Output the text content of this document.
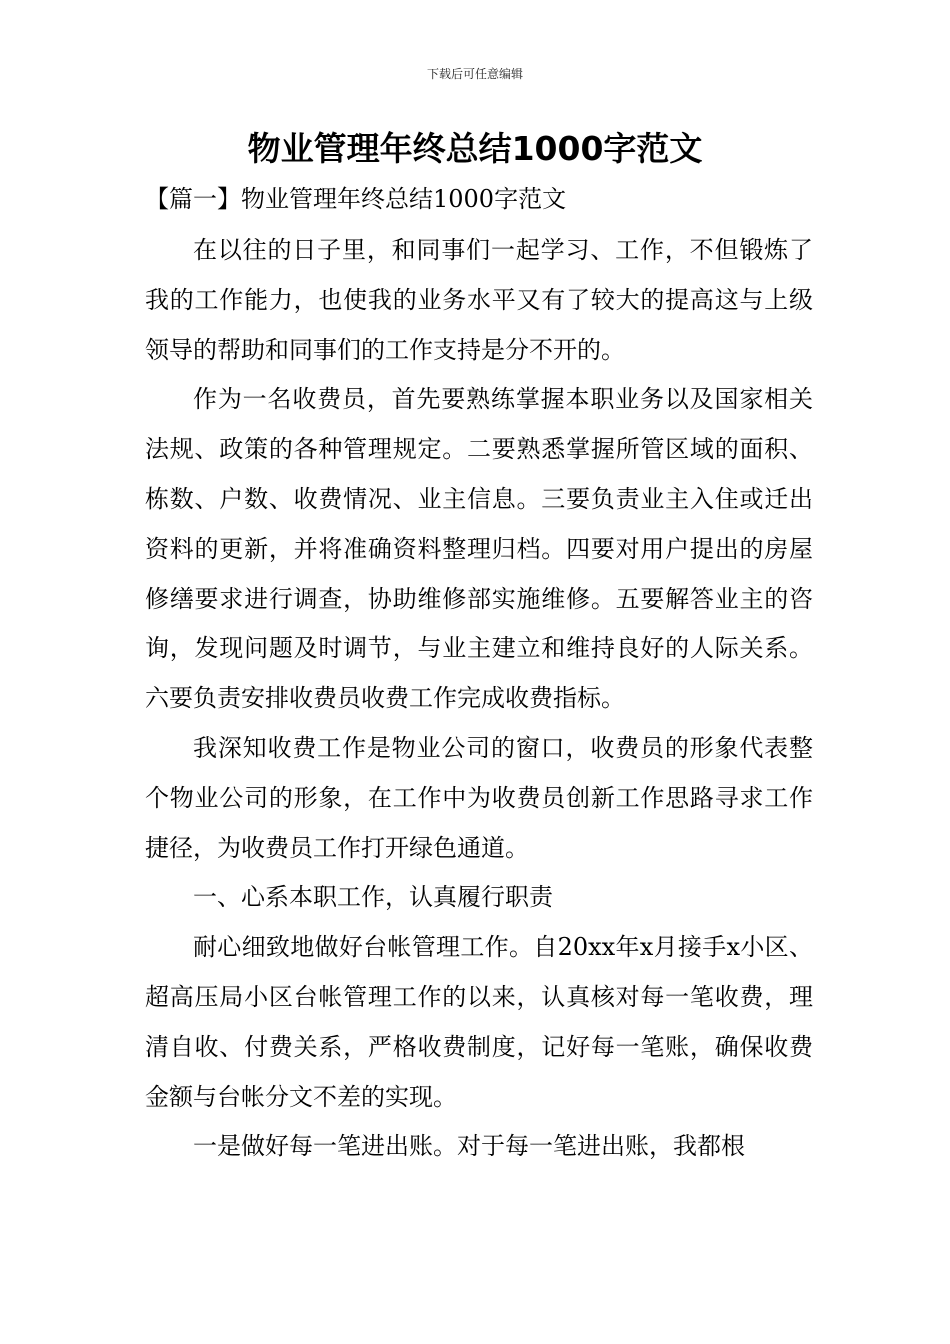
下载后可任意编辑
物业管理年终总结1000字范文

【篇一】物业管理年终总结1000字范文

在以往的日子里，和同事们一起学习、工作，不但锻炼了我的工作能力，也使我的业务水平又有了较大的提高这与上级领导的帮助和同事们的工作支持是分不开的。

作为一名收费员，首先要熟练掌握本职业务以及国家相关法规、政策的各种管理规定。二要熟悉掌握所管区域的面积、栋数、户数、收费情况、业主信息。三要负责业主入住或迁出资料的更新，并将准确资料整理归档。四要对用户提出的房屋修缮要求进行调查，协助维修部实施维修。五要解答业主的咨询，发现问题及时调节，与业主建立和维持良好的人际关系。六要负责安排收费员收费工作完成收费指标。

我深知收费工作是物业公司的窗口，收费员的形象代表整个物业公司的形象，在工作中为收费员创新工作思路寻求工作捷径，为收费员工作打开绿色通道。

一、心系本职工作，认真履行职责

耐心细致地做好台帐管理工作。自20xx年x月接手x小区、超高压局小区台帐管理工作的以来，认真核对每一笔收费，理清自收、付费关系，严格收费制度，记好每一笔账，确保收费金额与台帐分文不差的实现。

一是做好每一笔进出账。对于每一笔进出账，我都根
